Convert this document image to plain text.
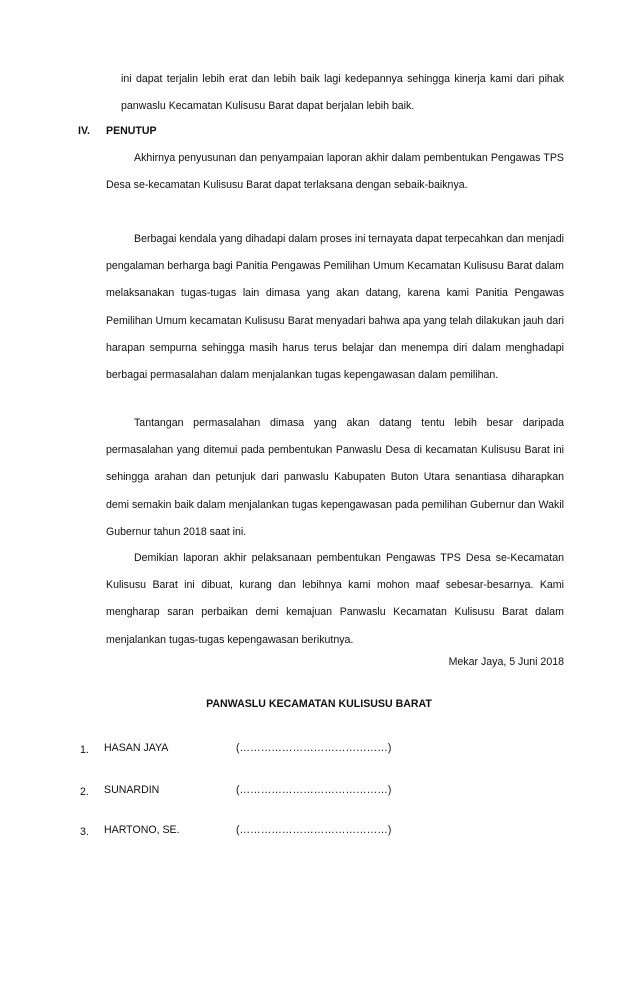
ini dapat terjalin lebih erat dan lebih baik lagi kedepannya sehingga kinerja kami dari pihak panwaslu Kecamatan Kulisusu Barat dapat berjalan lebih baik.

IV. PENUTUP

Akhirnya penyusunan dan penyampaian laporan akhir dalam pembentukan Pengawas TPS Desa se-kecamatan Kulisusu Barat dapat terlaksana dengan sebaik-baiknya.

Berbagai kendala yang dihadapi dalam proses ini ternayata dapat terpecahkan dan menjadi pengalaman berharga bagi Panitia Pengawas Pemilihan Umum Kecamatan Kulisusu Barat dalam melaksanakan tugas-tugas lain dimasa yang akan datang, karena kami Panitia Pengawas Pemilihan Umum kecamatan Kulisusu Barat menyadari bahwa apa yang telah dilakukan jauh dari harapan sempurna sehingga masih harus terus belajar dan menempa diri dalam menghadapi berbagai permasalahan dalam menjalankan tugas kepengawasan dalam pemilihan.

Tantangan permasalahan dimasa yang akan datang tentu lebih besar daripada permasalahan yang ditemui pada pembentukan Panwaslu Desa di kecamatan Kulisusu Barat ini sehingga arahan dan petunjuk dari panwaslu Kabupaten Buton Utara senantiasa diharapkan demi semakin baik dalam menjalankan tugas kepengawasan pada pemilihan Gubernur dan Wakil Gubernur tahun 2018 saat ini.

Demikian laporan akhir pelaksanaan pembentukan Pengawas TPS Desa se-Kecamatan Kulisusu Barat ini dibuat, kurang dan lebihnya kami mohon maaf sebesar-besarnya. Kami mengharap saran perbaikan demi kemajuan Panwaslu Kecamatan Kulisusu Barat dalam menjalankan tugas-tugas kepengawasan berikutnya.

Mekar Jaya, 5 Juni 2018
PANWASLU KECAMATAN KULISUSU BARAT
1. HASAN JAYA	(……………………………………)
2. SUNARDIN	(……………………………………)
3. HARTONO, SE.	(……………………………………)
